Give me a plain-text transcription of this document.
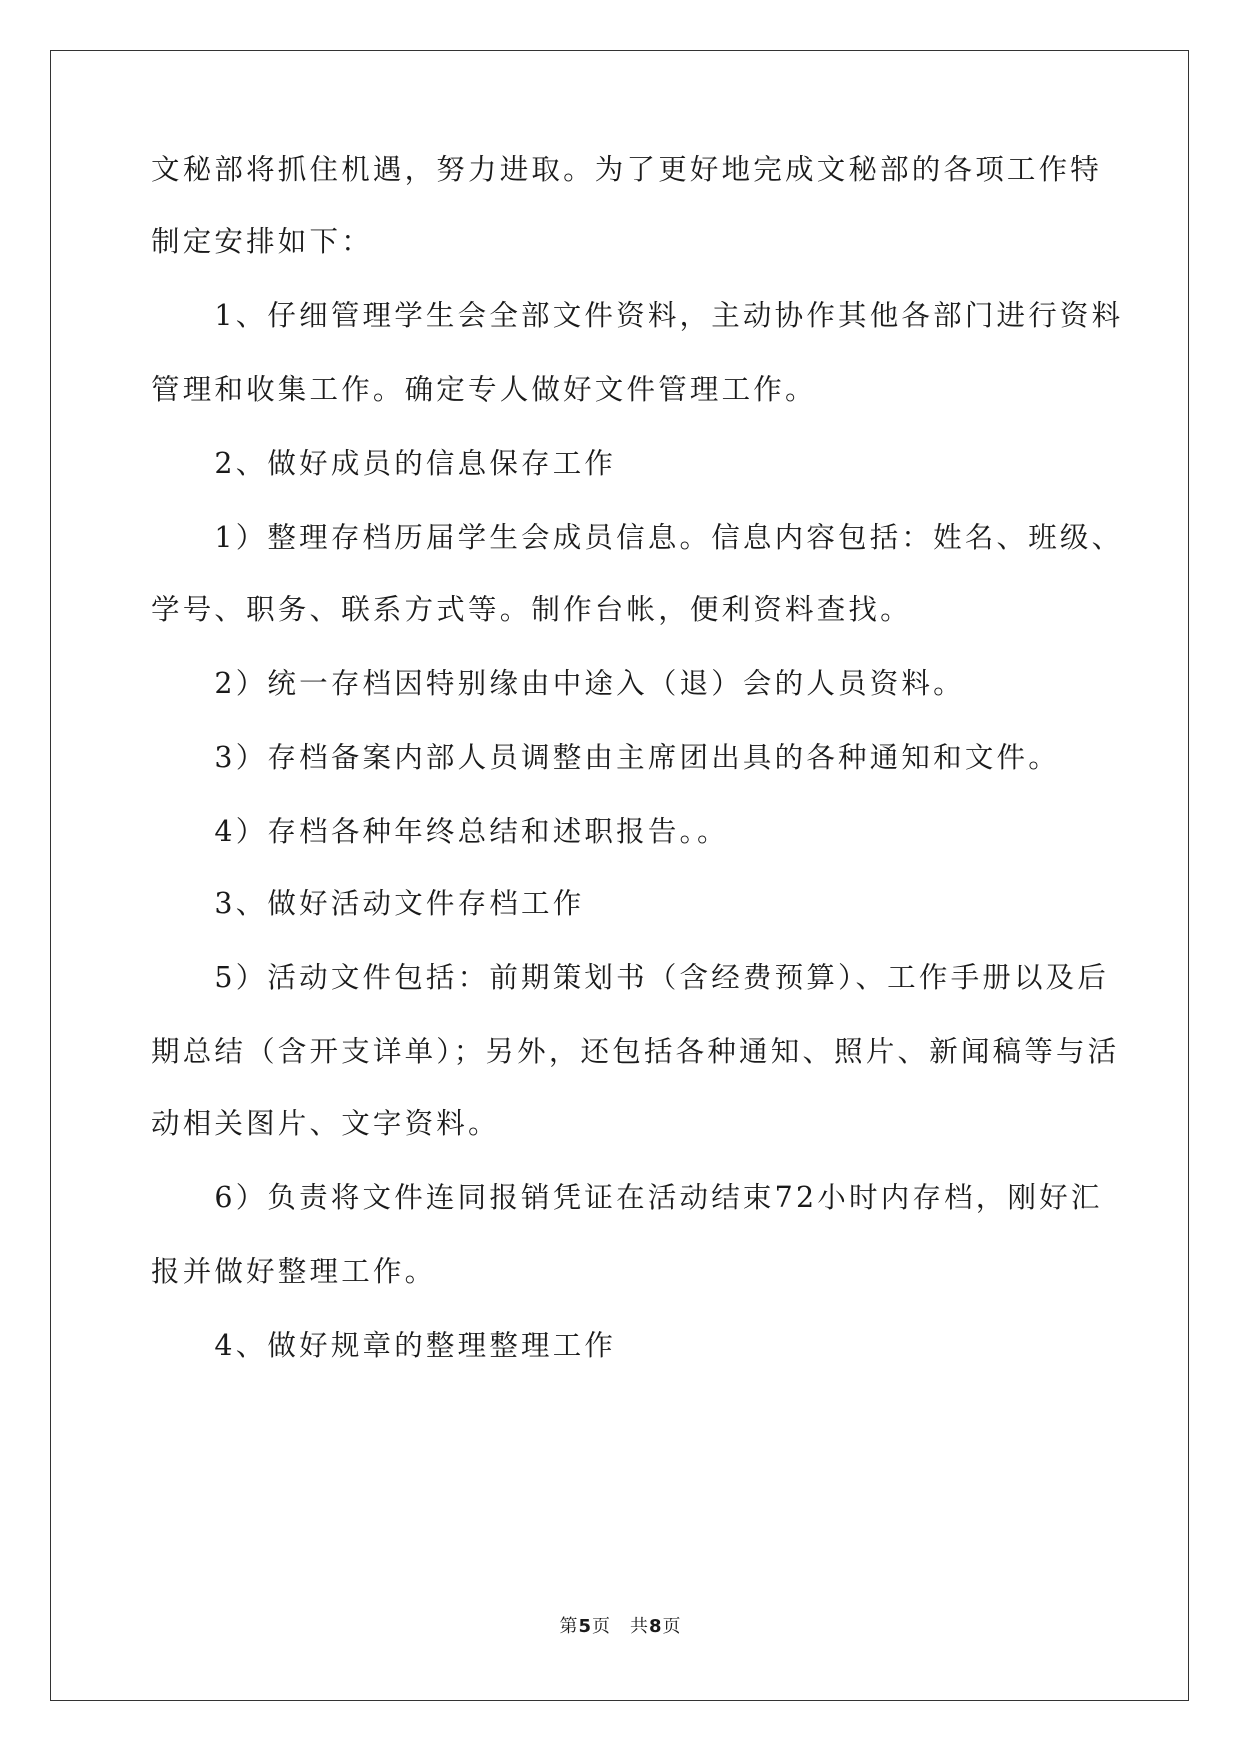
文秘部将抓住机遇，努力进取。为了更好地完成文秘部的各项工作特
制定安排如下：
　　1、仔细管理学生会全部文件资料，主动协作其他各部门进行资料
管理和收集工作。确定专人做好文件管理工作。
　　2、做好成员的信息保存工作
　　1）整理存档历届学生会成员信息。信息内容包括：姓名、班级、
学号、职务、联系方式等。制作台帐，便利资料查找。
　　2）统一存档因特别缘由中途入（退）会的人员资料。
　　3）存档备案内部人员调整由主席团出具的各种通知和文件。
　　4）存档各种年终总结和述职报告。。
　　3、做好活动文件存档工作
　　5）活动文件包括：前期策划书（含经费预算）、工作手册以及后
期总结（含开支详单）；另外，还包括各种通知、照片、新闻稿等与活
动相关图片、文字资料。
　　6）负责将文件连同报销凭证在活动结束72小时内存档，刚好汇
报并做好整理工作。
　　4、做好规章的整理整理工作
第5页　共8页
